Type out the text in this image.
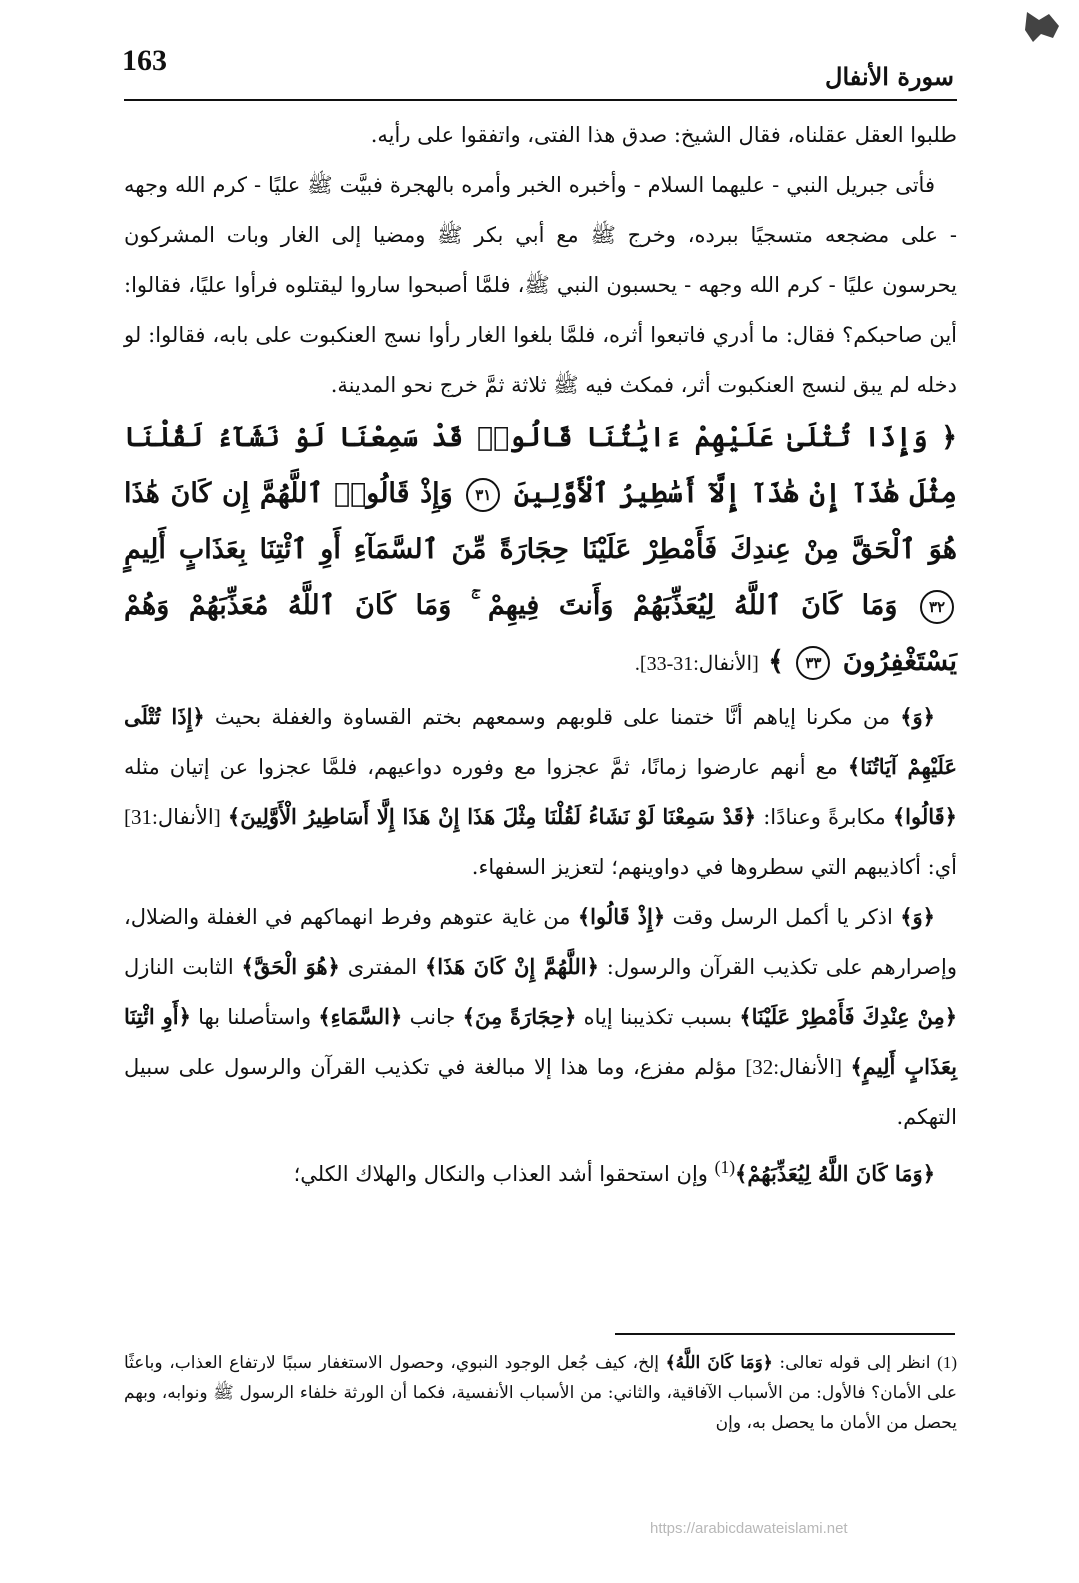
163	سورة الأنفال

طلبوا العقل عقلناه، فقال الشيخ: صدق هذا الفتى، واتفقوا على رأيه.

فأتى جبريل النبي - عليهما السلام - وأخبره الخبر وأمره بالهجرة فبيَّت ﷺ عليًا - كرم الله وجهه - على مضجعه متسجيًا ببرده، وخرج ﷺ مع أبي بكر ﷺ ومضيا إلى الغار وبات المشركون يحرسون عليًا - كرم الله وجهه - يحسبون النبي ﷺ، فلمَّا أصبحوا ساروا ليقتلوه فرأوا عليًا، فقالوا: أين صاحبكم؟ فقال: ما أدري فاتبعوا أثره، فلمَّا بلغوا الغار رأوا نسج العنكبوت على بابه، فقالوا: لو دخله لم يبق لنسج العنكبوت أثر، فمكث فيه ﷺ ثلاثة ثمَّ خرج نحو المدينة.

﴿ وَإِذَا تُتْلَىٰ عَلَيْهِمْ ءَايَٰتُنَا قَالُوا۟ قَدْ سَمِعْنَا لَوْ نَشَآءُ لَقُلْنَا مِثْلَ هَٰذَآ إِنْ هَٰذَآ إِلَّآ أَسَٰطِيرُ ٱلْأَوَّلِينَ ٣١ وَإِذْ قَالُوا۟ ٱللَّهُمَّ إِن كَانَ هَٰذَا هُوَ ٱلْحَقَّ مِنْ عِندِكَ فَأَمْطِرْ عَلَيْنَا حِجَارَةً مِّنَ ٱلسَّمَآءِ أَوِ ٱئْتِنَا بِعَذَابٍ أَلِيمٍ ٣٢ وَمَا كَانَ ٱللَّهُ لِيُعَذِّبَهُمْ وَأَنتَ فِيهِمْ ۚ وَمَا كَانَ ٱللَّهُ مُعَذِّبَهُمْ وَهُمْ يَسْتَغْفِرُونَ ٣٣ ﴾ [الأنفال:31-33].

﴿وَ﴾ من مكرنا إياهم أنَّا ختمنا على قلوبهم وسمعهم بختم القساوة والغفلة بحيث ﴿إِذَا تُتْلَى عَلَيْهِمْ آيَاتُنَا﴾ مع أنهم عارضوا زمانًا، ثمَّ عجزوا مع وفوره دواعيهم، فلمَّا عجزوا عن إتيان مثله ﴿قَالُوا﴾ مكابرةً وعنادًا: ﴿قَدْ سَمِعْنَا لَوْ نَشَاءُ لَقُلْنَا مِثْلَ هَذَا إِنْ هَذَا إِلَّا أَسَاطِيرُ الْأَوَّلِينَ﴾ [الأنفال:31] أي: أكاذيبهم التي سطروها في دواوينهم؛ لتعزيز السفهاء.

﴿وَ﴾ اذكر يا أكمل الرسل وقت ﴿إِذْ قَالُوا﴾ من غاية عتوهم وفرط انهماكهم في الغفلة والضلال، وإصرارهم على تكذيب القرآن والرسول: ﴿اللَّهُمَّ إِنْ كَانَ هَذَا﴾ المفترى ﴿هُوَ الْحَقَّ﴾ الثابت النازل ﴿مِنْ عِنْدِكَ فَأَمْطِرْ عَلَيْنَا﴾ بسبب تكذيبنا إياه ﴿حِجَارَةً مِنَ﴾ جانب ﴿السَّمَاءِ﴾ واستأصلنا بها ﴿أَوِ ائْتِنَا بِعَذَابٍ أَلِيمٍ﴾ [الأنفال:32] مؤلم مفزع، وما هذا إلا مبالغة في تكذيب القرآن والرسول على سبيل التهكم.

﴿وَمَا كَانَ اللَّهُ لِيُعَذِّبَهُمْ﴾$^{(1)}$ وإن استحقوا أشد العذاب والنكال والهلاك الكلي؛

(1) انظر إلى قوله تعالى: ﴿وَمَا كَانَ اللَّهُ﴾ إلخ، كيف جُعل الوجود النبوي، وحصول الاستغفار سببًا لارتفاع العذاب، وباعثًا على الأمان؟ فالأول: من الأسباب الآفاقية، والثاني: من الأسباب الأنفسية، فكما أن الورثة خلفاء الرسول ﷺ ونوابه، وبهم يحصل من الأمان ما يحصل به، وإن
https://arabicdawateislami.net
